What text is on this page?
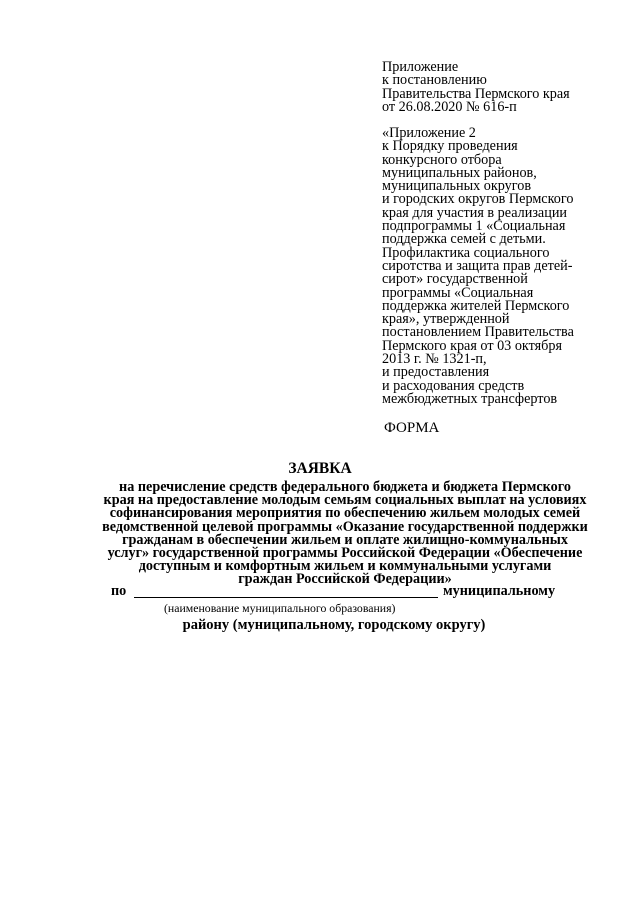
Приложение
к постановлению
Правительства Пермского края
от 26.08.2020 № 616-п
«Приложение 2
к Порядку проведения
конкурсного отбора
муниципальных районов,
муниципальных округов
и городских округов Пермского
края для участия в реализации
подпрограммы 1 «Социальная
поддержка семей с детьми.
Профилактика социального
сиротства и защита прав детей-
сирот» государственной
программы «Социальная
поддержка жителей Пермского
края», утвержденной
постановлением Правительства
Пермского края от 03 октября
2013 г. № 1321-п,
и предоставления
и расходования средств
межбюджетных трансфертов
ФОРМА
ЗАЯВКА
на перечисление средств федерального бюджета и бюджета Пермского
края на предоставление молодым семьям социальных выплат на условиях
софинансирования мероприятия по обеспечению жильем молодых семей
ведомственной целевой программы «Оказание государственной поддержки
гражданам в обеспечении жильем и оплате жилищно-коммунальных
услуг» государственной программы Российской Федерации «Обеспечение
доступным и комфортным жильем и коммунальными услугами
граждан Российской Федерации»
по	муниципальному
(наименование муниципального образования)
району (муниципальному, городскому округу)
